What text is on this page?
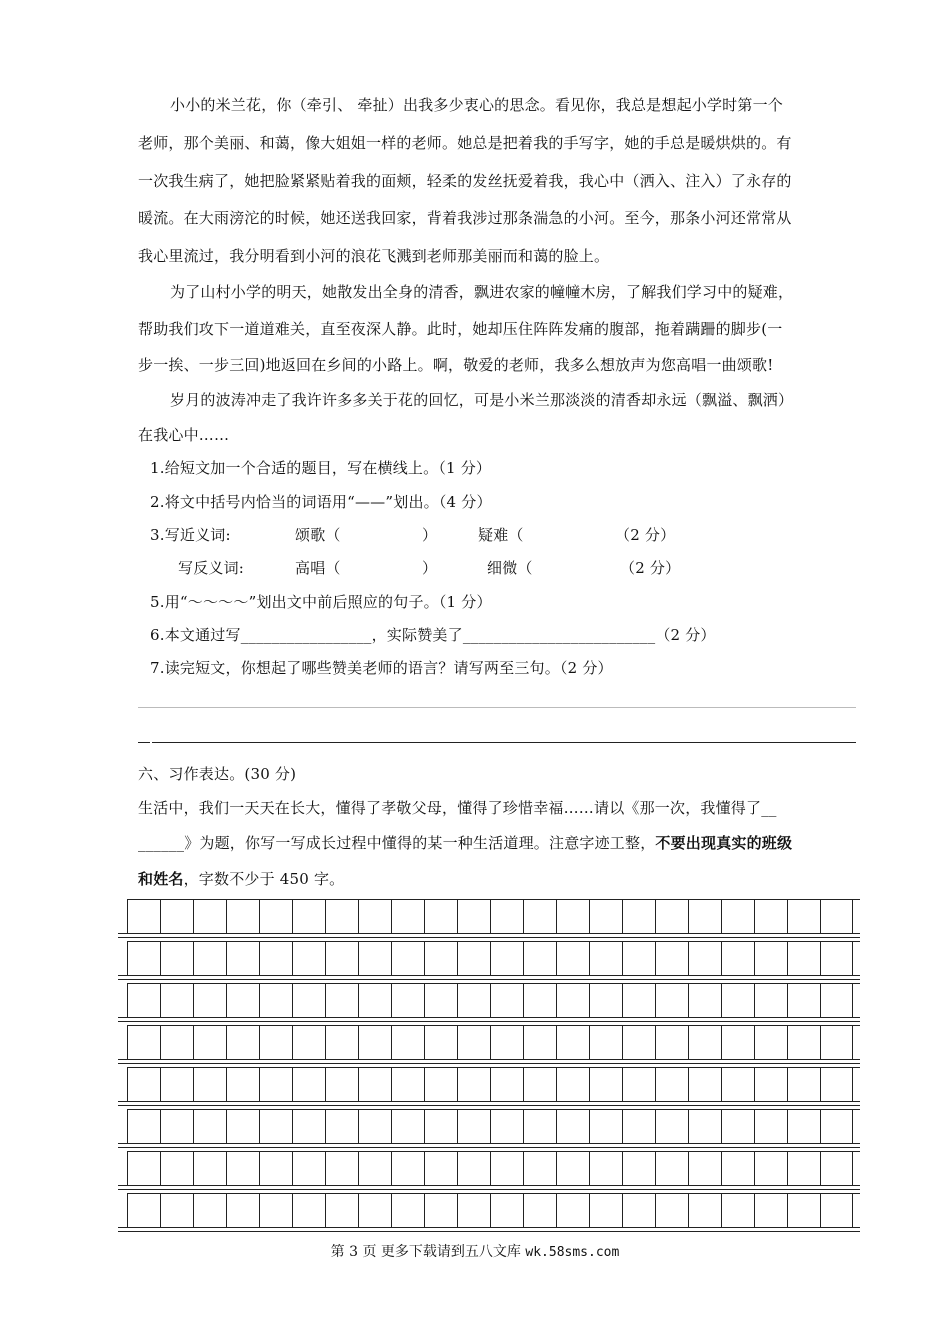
小小的米兰花，你（牵引、 牵扯）出我多少衷心的思念。看见你，我总是想起小学时第一个
老师，那个美丽、和蔼，像大姐姐一样的老师。她总是把着我的手写字，她的手总是暖烘烘的。有
一次我生病了，她把脸紧紧贴着我的面颊，轻柔的发丝抚爱着我，我心中（洒入、注入）了永存的
暖流。在大雨滂沱的时候，她还送我回家，背着我涉过那条湍急的小河。至今，那条小河还常常从
我心里流过，我分明看到小河的浪花飞溅到老师那美丽而和蔼的脸上。
为了山村小学的明天，她散发出全身的清香，飘进农家的幢幢木房，了解我们学习中的疑难，
帮助我们攻下一道道难关，直至夜深人静。此时，她却压住阵阵发痛的腹部，拖着蹒跚的脚步(一
步一挨、一步三回)地返回在乡间的小路上。啊，敬爱的老师，我多么想放声为您高唱一曲颂歌!
岁月的波涛冲走了我许许多多关于花的回忆，可是小米兰那淡淡的清香却永远（飘溢、飘洒）
在我心中……
1.给短文加一个合适的题目，写在横线上。（1 分）
2.将文中括号内恰当的词语用“——”划出。（4 分）
3.写近义词:	颂歌（	）	疑难（	（2 分）
写反义词:	高唱（	）	细微（	（2 分）
5.用“～～～～”划出文中前后照应的句子。（1 分）
6.本文通过写_________________，实际赞美了_________________________（2 分）
7.读完短文，你想起了哪些赞美老师的语言？请写两至三句。（2 分）
六、习作表达。(30 分)
生活中，我们一天天在长大，懂得了孝敬父母，懂得了珍惜幸福……请以《那一次，我懂得了__
______》为题，你写一写成长过程中懂得的某一种生活道理。注意字迹工整，不要出现真实的班级
和姓名，字数不少于 450 字。
第 3 页 更多下载请到五八文库 wk.58sms.com
